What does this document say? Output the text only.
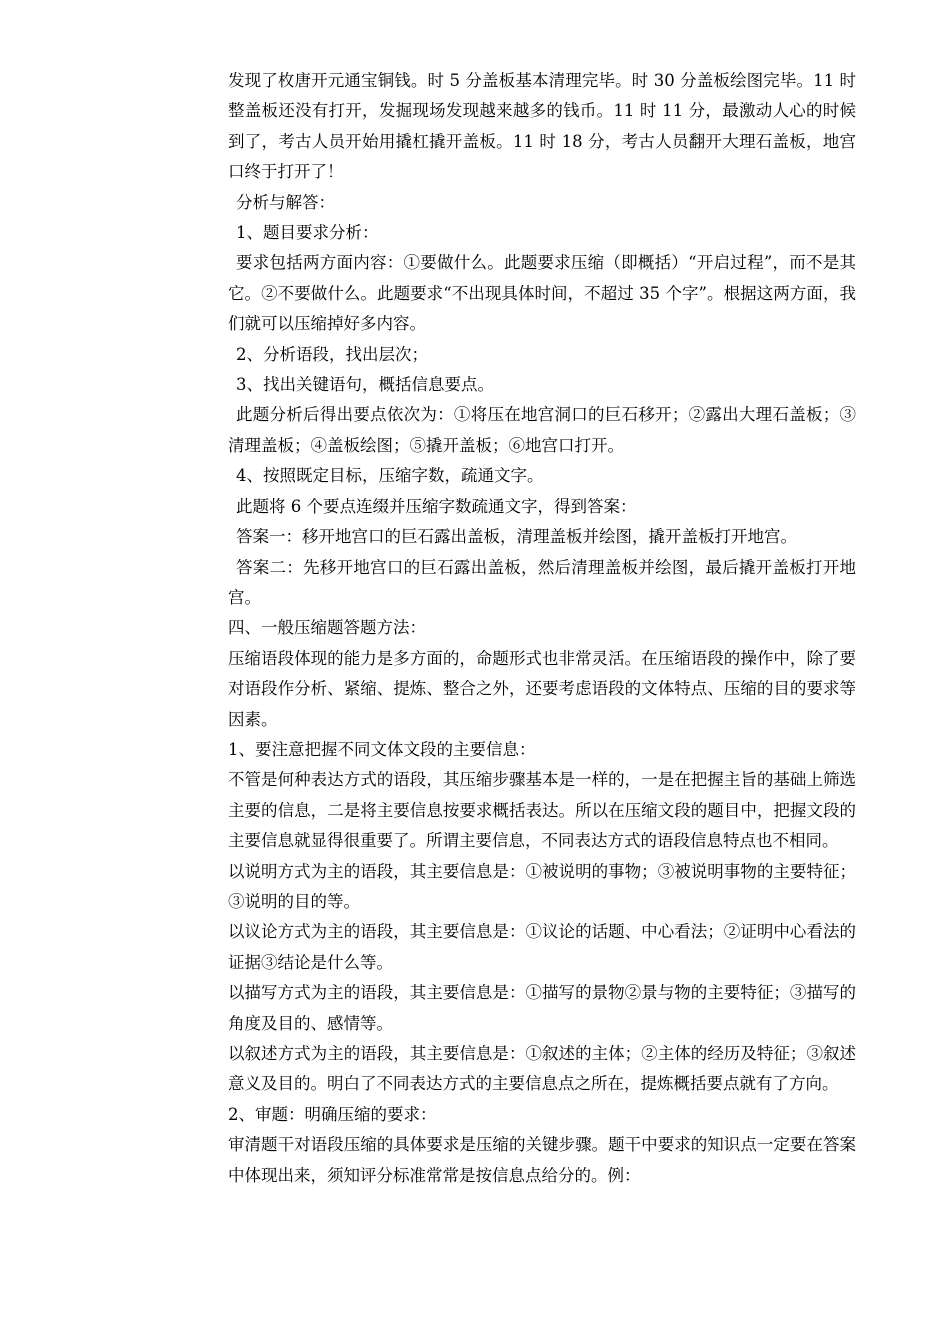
发现了枚唐开元通宝铜钱。时 5 分盖板基本清理完毕。时 30 分盖板绘图完毕。11 时整盖板还没有打开，发掘现场发现越来越多的钱币。11 时 11 分，最激动人心的时候到了，考古人员开始用撬杠撬开盖板。11 时 18 分，考古人员翻开大理石盖板，地宫口终于打开了！

分析与解答：

1、题目要求分析：

要求包括两方面内容：①要做什么。此题要求压缩（即概括）“开启过程”，而不是其它。②不要做什么。此题要求“不出现具体时间，不超过 35 个字”。根据这两方面，我们就可以压缩掉好多内容。

2、分析语段，找出层次；

3、找出关键语句，概括信息要点。

此题分析后得出要点依次为：①将压在地宫洞口的巨石移开；②露出大理石盖板；③清理盖板；④盖板绘图；⑤撬开盖板；⑥地宫口打开。

4、按照既定目标，压缩字数，疏通文字。

此题将 6 个要点连缀并压缩字数疏通文字，得到答案：

答案一：移开地宫口的巨石露出盖板，清理盖板并绘图，撬开盖板打开地宫。

答案二：先移开地宫口的巨石露出盖板，然后清理盖板并绘图，最后撬开盖板打开地宫。

四、一般压缩题答题方法：

压缩语段体现的能力是多方面的，命题形式也非常灵活。在压缩语段的操作中，除了要对语段作分析、紧缩、提炼、整合之外，还要考虑语段的文体特点、压缩的目的要求等因素。

1、要注意把握不同文体文段的主要信息：

不管是何种表达方式的语段，其压缩步骤基本是一样的，一是在把握主旨的基础上筛选主要的信息，二是将主要信息按要求概括表达。所以在压缩文段的题目中，把握文段的主要信息就显得很重要了。所谓主要信息，不同表达方式的语段信息特点也不相同。

以说明方式为主的语段，其主要信息是：①被说明的事物；③被说明事物的主要特征；③说明的目的等。

以议论方式为主的语段，其主要信息是：①议论的话题、中心看法；②证明中心看法的证据③结论是什么等。

以描写方式为主的语段，其主要信息是：①描写的景物②景与物的主要特征；③描写的角度及目的、感情等。

以叙述方式为主的语段，其主要信息是：①叙述的主体；②主体的经历及特征；③叙述意义及目的。明白了不同表达方式的主要信息点之所在，提炼概括要点就有了方向。

2、审题：明确压缩的要求：

审清题干对语段压缩的具体要求是压缩的关键步骤。题干中要求的知识点一定要在答案中体现出来，须知评分标准常常是按信息点给分的。例：
